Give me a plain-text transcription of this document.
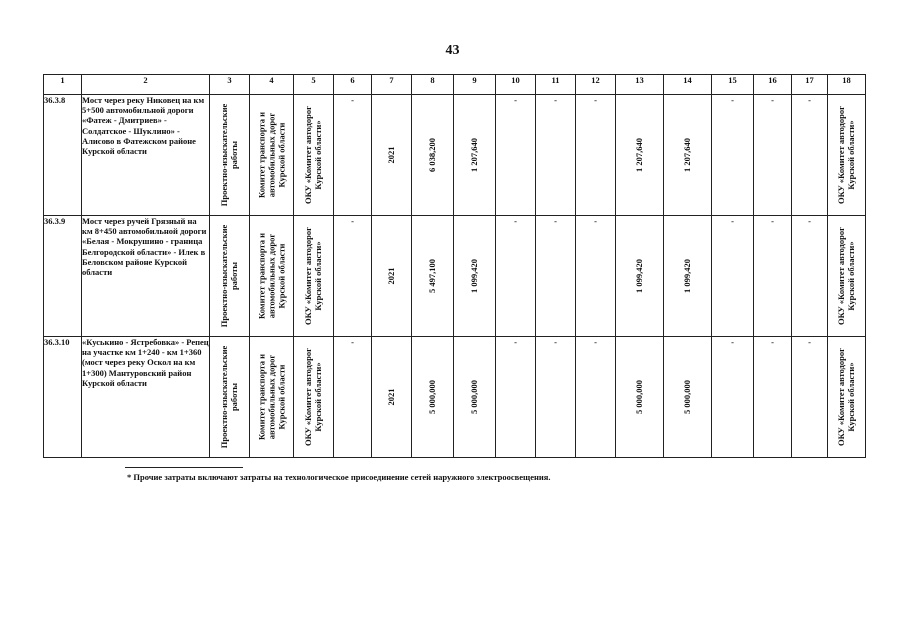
43
1	2	3	4	5	6	7	8	9	10	11	12	13	14	15	16	17	18
36.3.8	Мост через реку Никовец на км 5+500 автомобильной дороги «Фатеж - Дмитриев» - Солдатское - Шуклино» - Алисово в Фатежском районе Курской области	Проектно-изыскательские работы	Комитет транспорта и автомобильных дорог Курской области	ОКУ «Комитет автодорог Курской области»	-	2021	6 038,200	1 207,640	-	-	-	1 207,640	1 207,640	-	-	-	ОКУ «Комитет автодорог Курской области»

36.3.9	Мост через ручей Грязный на км 8+450 автомобильной дороги «Белая - Мокрушино - граница Белгородской области» - Илек в Беловском районе Курской области	Проектно-изыскательские работы	Комитет транспорта и автомобильных дорог Курской области	ОКУ «Комитет автодорог Курской области»	-	2021	5 497,100	1 099,420	-	-	-	1 099,420	1 099,420	-	-	-	ОКУ «Комитет автодорог Курской области»

36.3.10	«Куськино - Ястребовка» - Репец на участке км 1+240 - км 1+360 (мост через реку Оскол на км 1+300) Мантуровский район Курской области	Проектно-изыскательские работы	Комитет транспорта и автомобильных дорог Курской области	ОКУ «Комитет автодорог Курской области»	-	2021	5 000,000	5 000,000	-	-	-	5 000,000	5 000,000	-	-	-	ОКУ «Комитет автодорог Курской области»
* Прочие затраты включают затраты на технологическое присоединение сетей наружного электроосвещения.
